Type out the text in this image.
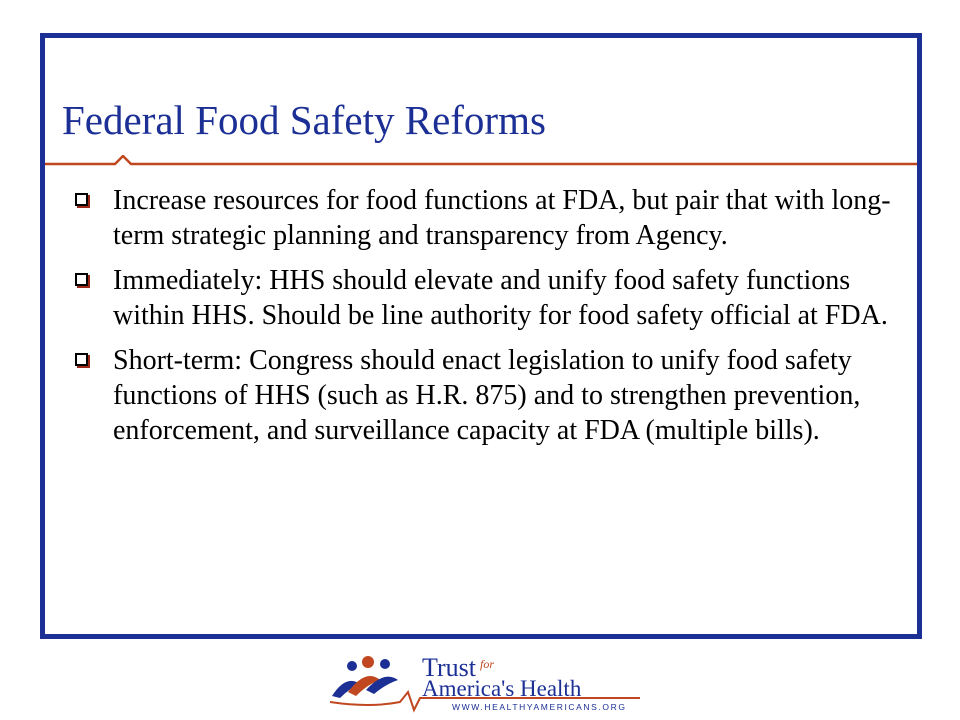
Federal Food Safety Reforms
Increase resources for food functions at FDA, but pair that with long-term strategic planning and transparency from Agency.
Immediately: HHS should elevate and unify food safety functions within HHS. Should be line authority for food safety official at FDA.
Short-term: Congress should enact legislation to unify food safety functions of HHS (such as H.R. 875) and to strengthen prevention, enforcement, and surveillance capacity at FDA (multiple bills).
Trust for
America's Health
WWW.HEALTHYAMERICANS.ORG
